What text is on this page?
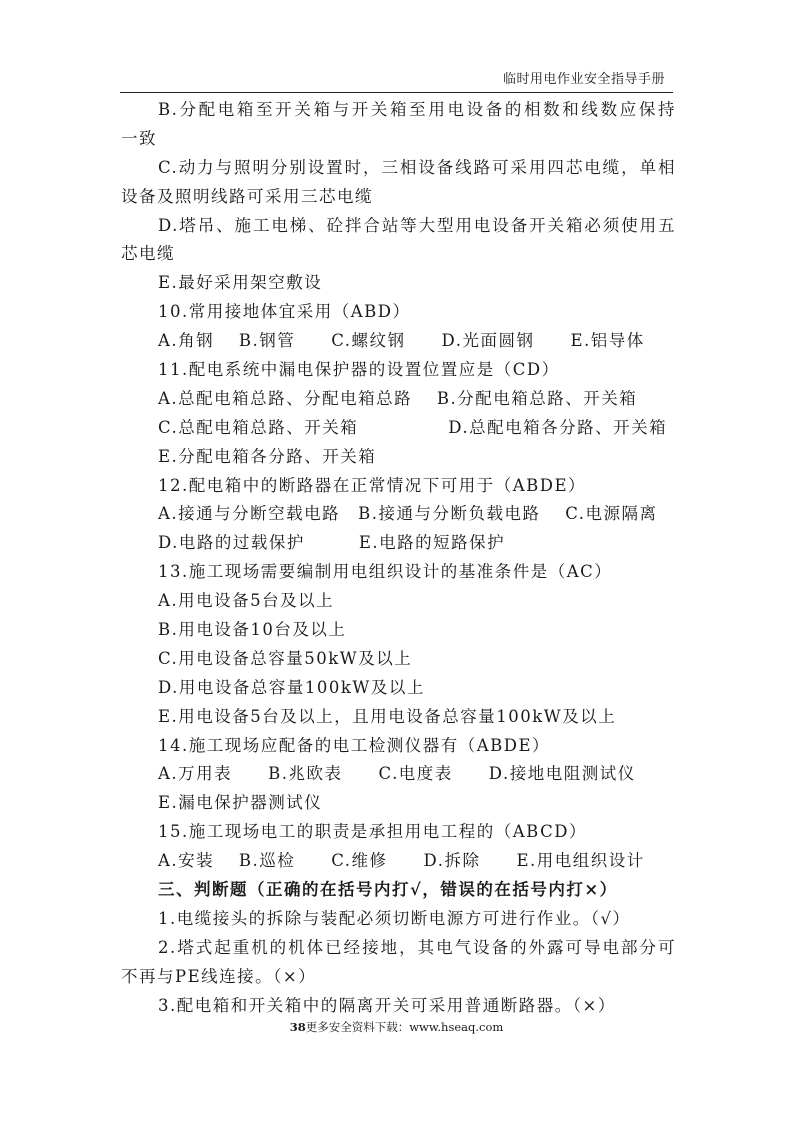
临时用电作业安全指导手册
B.分配电箱至开关箱与开关箱至用电设备的相数和线数应保持
一致
C.动力与照明分别设置时，三相设备线路可采用四芯电缆，单相
设备及照明线路可采用三芯电缆
D.塔吊、施工电梯、砼拌合站等大型用电设备开关箱必须使用五
芯电缆
E.最好采用架空敷设
10.常用接地体宜采用（ABD）
A.角钢　 B.钢管　　C.螺纹钢　　D.光面圆钢　　E.铝导体
11.配电系统中漏电保护器的设置位置应是（CD）
A.总配电箱总路、分配电箱总路　 B.分配电箱总路、开关箱
C.总配电箱总路、开关箱　　　　　D.总配电箱各分路、开关箱
E.分配电箱各分路、开关箱
12.配电箱中的断路器在正常情况下可用于（ABDE）
A.接通与分断空载电路　B.接通与分断负载电路　 C.电源隔离
D.电路的过载保护　　　E.电路的短路保护
13.施工现场需要编制用电组织设计的基准条件是（AC）
A.用电设备5台及以上
B.用电设备10台及以上
C.用电设备总容量50kW及以上
D.用电设备总容量100kW及以上
E.用电设备5台及以上，且用电设备总容量100kW及以上
14.施工现场应配备的电工检测仪器有（ABDE）
A.万用表　　B.兆欧表　　C.电度表　　D.接地电阻测试仪
E.漏电保护器测试仪
15.施工现场电工的职责是承担用电工程的（ABCD）
A.安装　 B.巡检　　C.维修　　D.拆除　　E.用电组织设计
三、判断题（正确的在括号内打√，错误的在括号内打×）
1.电缆接头的拆除与装配必须切断电源方可进行作业。（√）
2.塔式起重机的机体已经接地，其电气设备的外露可导电部分可
不再与PE线连接。（×）
3.配电箱和开关箱中的隔离开关可采用普通断路器。（×）
38更多安全资料下载：www.hseaq.com
